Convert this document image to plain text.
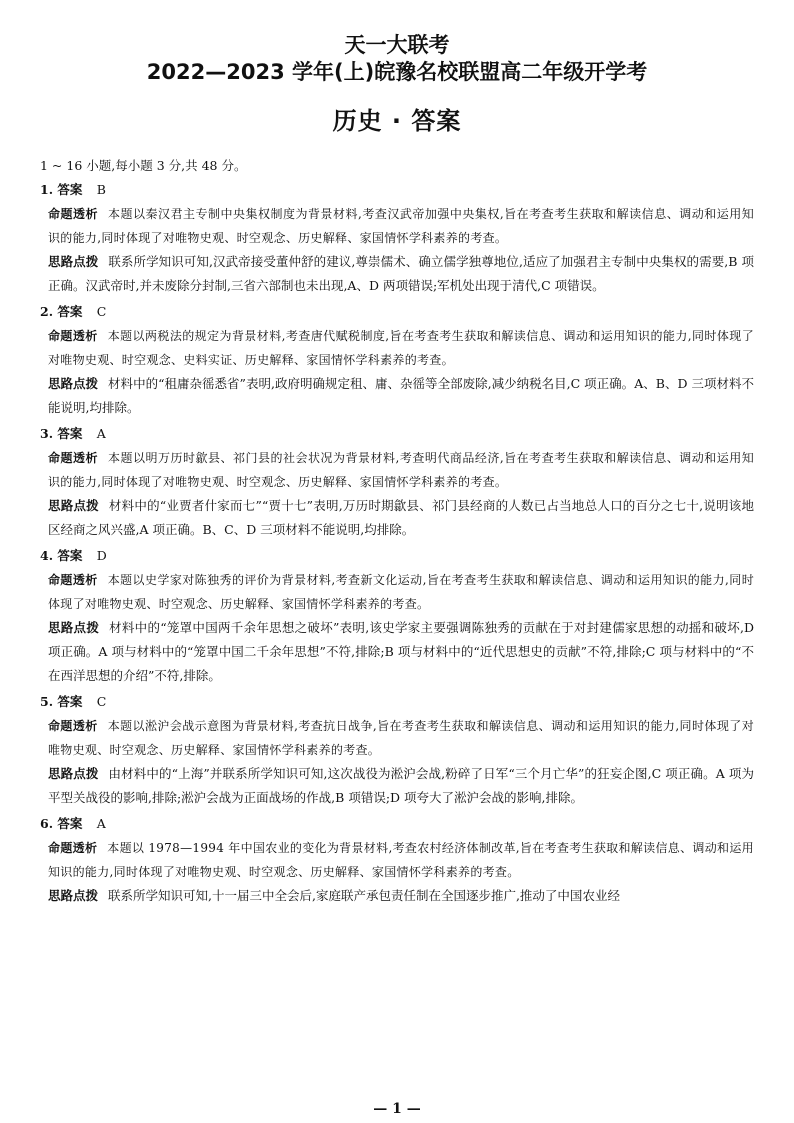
天一大联考
2022—2023 学年(上)皖豫名校联盟高二年级开学考
历史 · 答案
1 ~ 16 小题,每小题 3 分,共 48 分。
1. 答案 B
命题透析 本题以秦汉君主专制中央集权制度为背景材料,考查汉武帝加强中央集权,旨在考查考生获取和解读信息、调动和运用知识的能力,同时体现了对唯物史观、时空观念、历史解释、家国情怀学科素养的考查。
思路点拨 联系所学知识可知,汉武帝接受董仲舒的建议,尊崇儒术、确立儒学独尊地位,适应了加强君主专制中央集权的需要,B 项正确。汉武帝时,并未废除分封制,三省六部制也未出现,A、D 两项错误;军机处出现于清代,C 项错误。
2. 答案 C
命题透析 本题以两税法的规定为背景材料,考查唐代赋税制度,旨在考查考生获取和解读信息、调动和运用知识的能力,同时体现了对唯物史观、时空观念、史料实证、历史解释、家国情怀学科素养的考查。
思路点拨 材料中的“租庸杂徭悉省”表明,政府明确规定租、庸、杂徭等全部废除,减少纳税名目,C 项正确。A、B、D 三项材料不能说明,均排除。
3. 答案 A
命题透析 本题以明万历时歙县、祁门县的社会状况为背景材料,考查明代商品经济,旨在考查考生获取和解读信息、调动和运用知识的能力,同时体现了对唯物史观、时空观念、历史解释、家国情怀学科素养的考查。
思路点拨 材料中的“业贾者什家而七”“贾十七”表明,万历时期歙县、祁门县经商的人数已占当地总人口的百分之七十,说明该地区经商之风兴盛,A 项正确。B、C、D 三项材料不能说明,均排除。
4. 答案 D
命题透析 本题以史学家对陈独秀的评价为背景材料,考查新文化运动,旨在考查考生获取和解读信息、调动和运用知识的能力,同时体现了对唯物史观、时空观念、历史解释、家国情怀学科素养的考查。
思路点拨 材料中的“笼罩中国两千余年思想之破坏”表明,该史学家主要强调陈独秀的贡献在于对封建儒家思想的动摇和破坏,D 项正确。A 项与材料中的“笼罩中国二千余年思想”不符,排除;B 项与材料中的“近代思想史的贡献”不符,排除;C 项与材料中的“不在西洋思想的介绍”不符,排除。
5. 答案 C
命题透析 本题以淞沪会战示意图为背景材料,考查抗日战争,旨在考查考生获取和解读信息、调动和运用知识的能力,同时体现了对唯物史观、时空观念、历史解释、家国情怀学科素养的考查。
思路点拨 由材料中的“上海”并联系所学知识可知,这次战役为淞沪会战,粉碎了日军“三个月亡华”的狂妄企图,C 项正确。A 项为平型关战役的影响,排除;淞沪会战为正面战场的作战,B 项错误;D 项夸大了淞沪会战的影响,排除。
6. 答案 A
命题透析 本题以 1978—1994 年中国农业的变化为背景材料,考查农村经济体制改革,旨在考查考生获取和解读信息、调动和运用知识的能力,同时体现了对唯物史观、时空观念、历史解释、家国情怀学科素养的考查。
思路点拨 联系所学知识可知,十一届三中全会后,家庭联产承包责任制在全国逐步推广,推动了中国农业经
— 1 —
